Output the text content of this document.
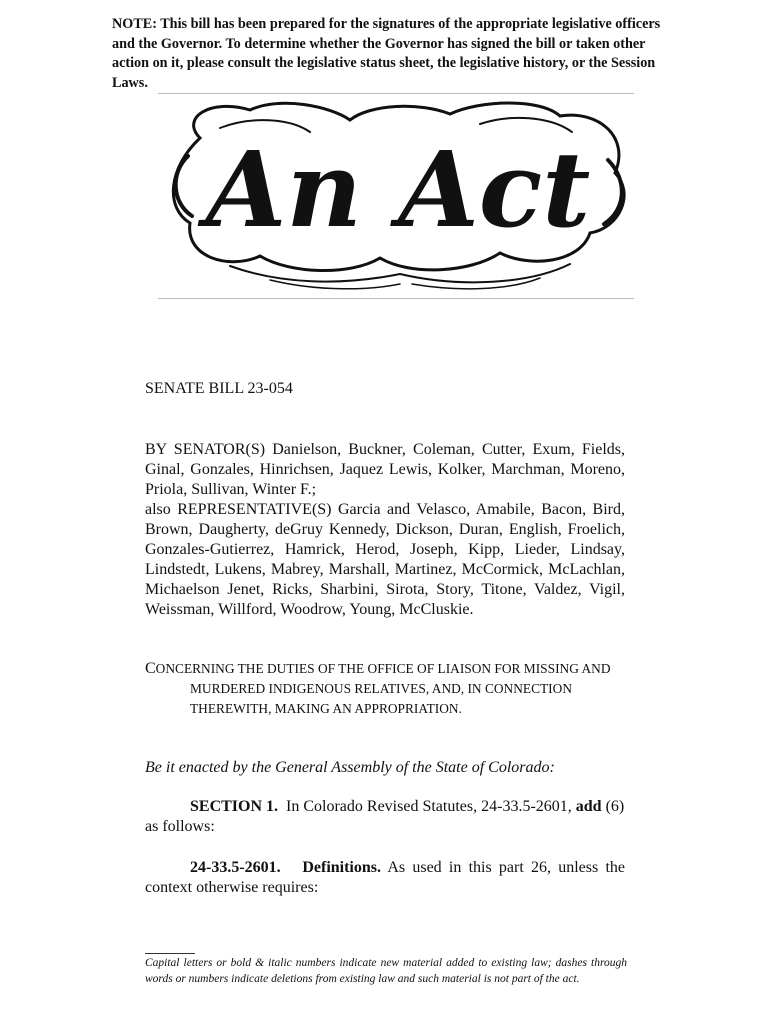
NOTE: This bill has been prepared for the signatures of the appropriate legislative officers and the Governor. To determine whether the Governor has signed the bill or taken other action on it, please consult the legislative status sheet, the legislative history, or the Session Laws.

An Act

SENATE BILL 23-054

BY SENATOR(S) Danielson, Buckner, Coleman, Cutter, Exum, Fields, Ginal, Gonzales, Hinrichsen, Jaquez Lewis, Kolker, Marchman, Moreno, Priola, Sullivan, Winter F.;

also REPRESENTATIVE(S) Garcia and Velasco, Amabile, Bacon, Bird, Brown, Daugherty, deGruy Kennedy, Dickson, Duran, English, Froelich, Gonzales-Gutierrez, Hamrick, Herod, Joseph, Kipp, Lieder, Lindsay, Lindstedt, Lukens, Mabrey, Marshall, Martinez, McCormick, McLachlan, Michaelson Jenet, Ricks, Sharbini, Sirota, Story, Titone, Valdez, Vigil, Weissman, Willford, Woodrow, Young, McCluskie.

CONCERNING THE DUTIES OF THE OFFICE OF LIAISON FOR MISSING AND
MURDERED INDIGENOUS RELATIVES, AND, IN CONNECTION
THEREWITH, MAKING AN APPROPRIATION.

Be it enacted by the General Assembly of the State of Colorado:

SECTION 1. In Colorado Revised Statutes, 24-33.5-2601, add (6) as follows:

24-33.5-2601. Definitions. As used in this part 26, unless the context otherwise requires:

Capital letters or bold & italic numbers indicate new material added to existing law; dashes through words or numbers indicate deletions from existing law and such material is not part of the act.
